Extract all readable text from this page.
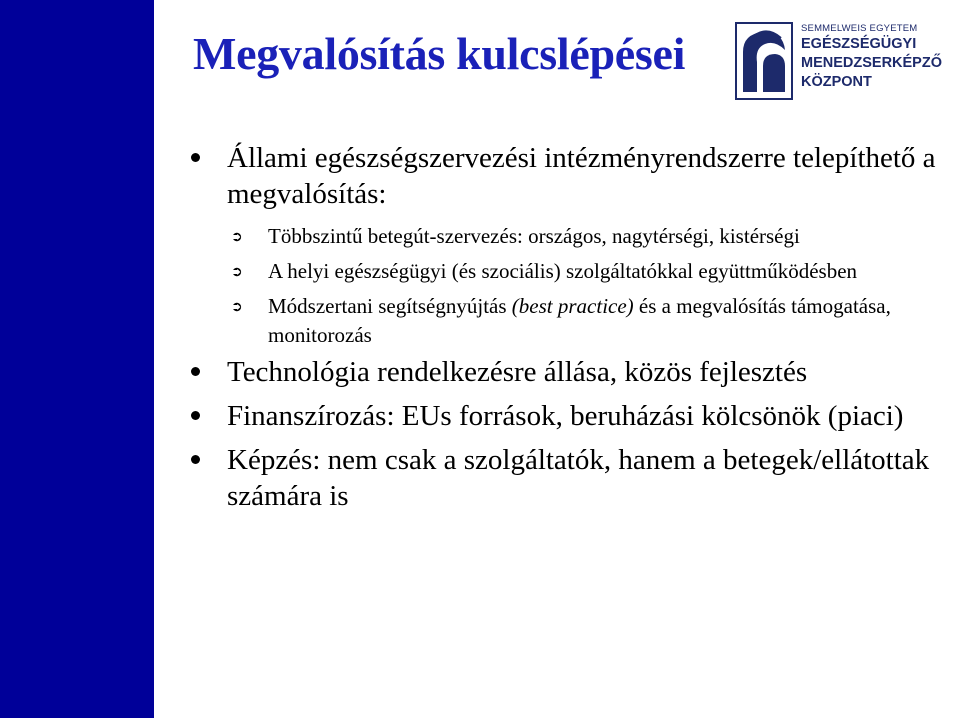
Megvalósítás kulcslépései	SEMMELWEIS EGYETEM
EGÉSZSÉGÜGYI
MENEDZSERKÉPZŐ
KÖZPONT
Állami egészségszervezési intézményrendszerre telepíthető a megvalósítás:
➲ Többszintű betegút-szervezés: országos, nagytérségi, kistérségi
➲ A helyi egészségügyi (és szociális) szolgáltatókkal együttműködésben
➲ Módszertani segítségnyújtás (best practice) és a megvalósítás támogatása, monitorozás
Technológia rendelkezésre állása, közös fejlesztés
Finanszírozás: EUs források, beruházási kölcsönök (piaci)
Képzés: nem csak a szolgáltatók, hanem a betegek/ellátottak számára is
